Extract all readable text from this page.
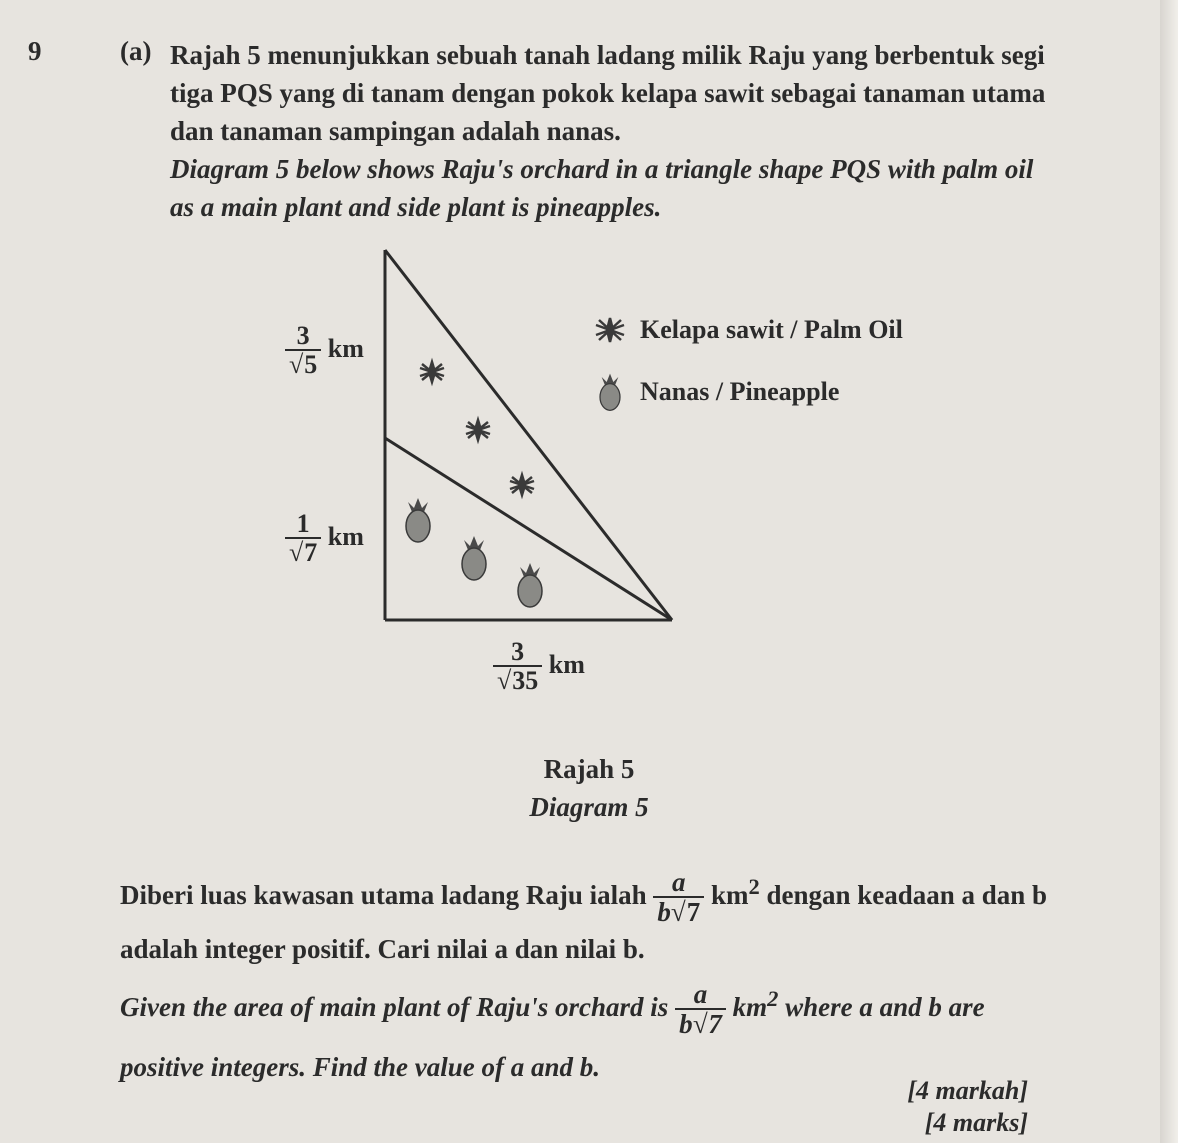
9	(a) Rajah 5 menunjukkan sebuah tanah ladang milik Raju yang berbentuk segi tiga PQS yang di tanam dengan pokok kelapa sawit sebagai tanaman utama dan tanaman sampingan adalah nanas.
Diagram 5 below shows Raju's orchard in a triangle shape PQS with palm oil as a main plant and side plant is pineapples.
$\frac{3}{√5}$ km
$\frac{1}{√7}$ km
$\frac{3}{√35}$ km
Kelapa sawit / Palm Oil
Nanas / Pineapple
Rajah 5
Diagram 5
Diberi luas kawasan utama ladang Raju ialah $\frac{a}{b√7} km^2$ dengan keadaan a dan b
adalah integer positif. Cari nilai a dan nilai b.
Given the area of main plant of Raju's orchard is $\frac{a}{b√7} km^2$ where a and b are
positive integers. Find the value of a and b.
[4 markah]
[4 marks]
